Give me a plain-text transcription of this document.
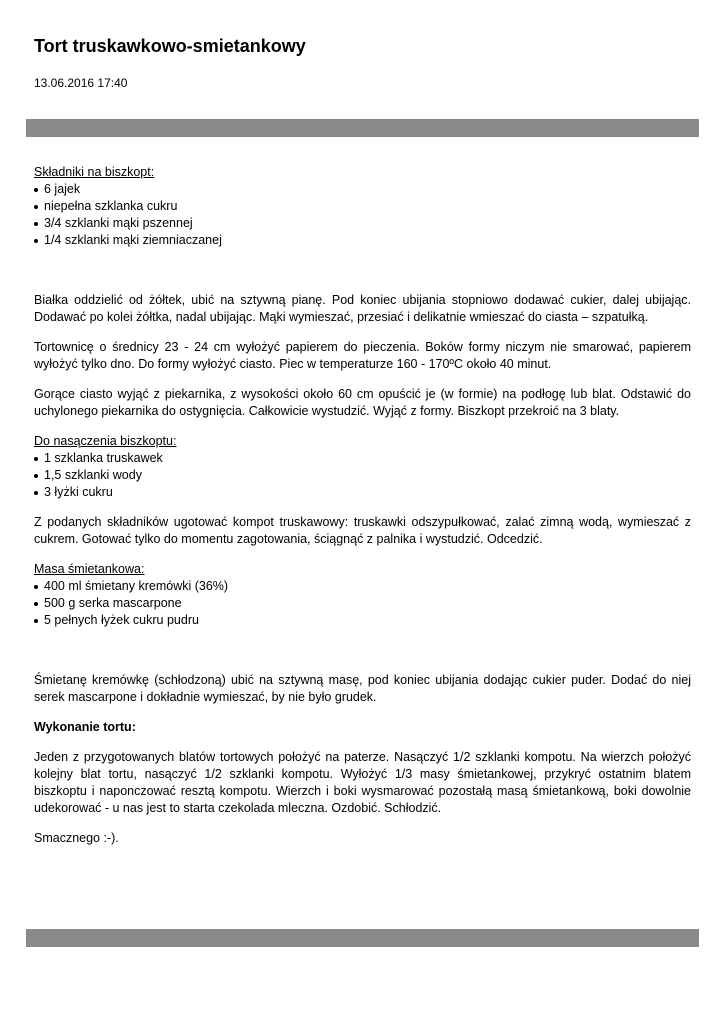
Tort truskawkowo-smietankowy
13.06.2016 17:40
Składniki na biszkopt:
6 jajek
niepełna szklanka cukru
3/4 szklanki mąki pszennej
1/4 szklanki mąki ziemniaczanej

Białka oddzielić od żółtek, ubić na sztywną pianę. Pod koniec ubijania stopniowo dodawać cukier, dalej ubijając. Dodawać po kolei żółtka, nadal ubijając. Mąki wymieszać, przesiać i delikatnie wmieszać do ciasta – szpatułką.

Tortownicę o średnicy 23 - 24 cm wyłożyć papierem do pieczenia. Boków formy niczym nie smarować, papierem wyłożyć tylko dno. Do formy wyłożyć ciasto. Piec w temperaturze 160 - 170ºC około 40 minut.

Gorące ciasto wyjąć z piekarnika, z wysokości około 60 cm opuścić je (w formie) na podłogę lub blat. Odstawić do uchylonego piekarnika do ostygnięcia. Całkowicie wystudzić. Wyjąć z formy. Biszkopt przekroić na 3 blaty.

Do nasączenia biszkoptu:
1 szklanka truskawek
1,5 szklanki wody
3 łyżki cukru

Z podanych składników ugotować kompot truskawowy: truskawki odszypułkować, zalać zimną wodą, wymieszać z cukrem. Gotować tylko do momentu zagotowania, ściągnąć z palnika i wystudzić. Odcedzić.

Masa śmietankowa:
400 ml śmietany kremówki (36%)
500 g serka mascarpone
5 pełnych łyżek cukru pudru

Śmietanę kremówkę (schłodzoną) ubić na sztywną masę, pod koniec ubijania dodając cukier puder. Dodać do niej serek mascarpone i dokładnie wymieszać, by nie było grudek.

Wykonanie tortu:

Jeden z przygotowanych blatów tortowych położyć na paterze. Nasączyć 1/2 szklanki kompotu. Na wierzch położyć kolejny blat tortu, nasączyć 1/2 szklanki kompotu. Wyłożyć 1/3 masy śmietankowej, przykryć ostatnim blatem biszkoptu i naponczować resztą kompotu. Wierzch i boki wysmarować pozostałą masą śmietankową, boki dowolnie udekorować - u nas jest to starta czekolada mleczna. Ozdobić. Schłodzić.

Smacznego :-).
